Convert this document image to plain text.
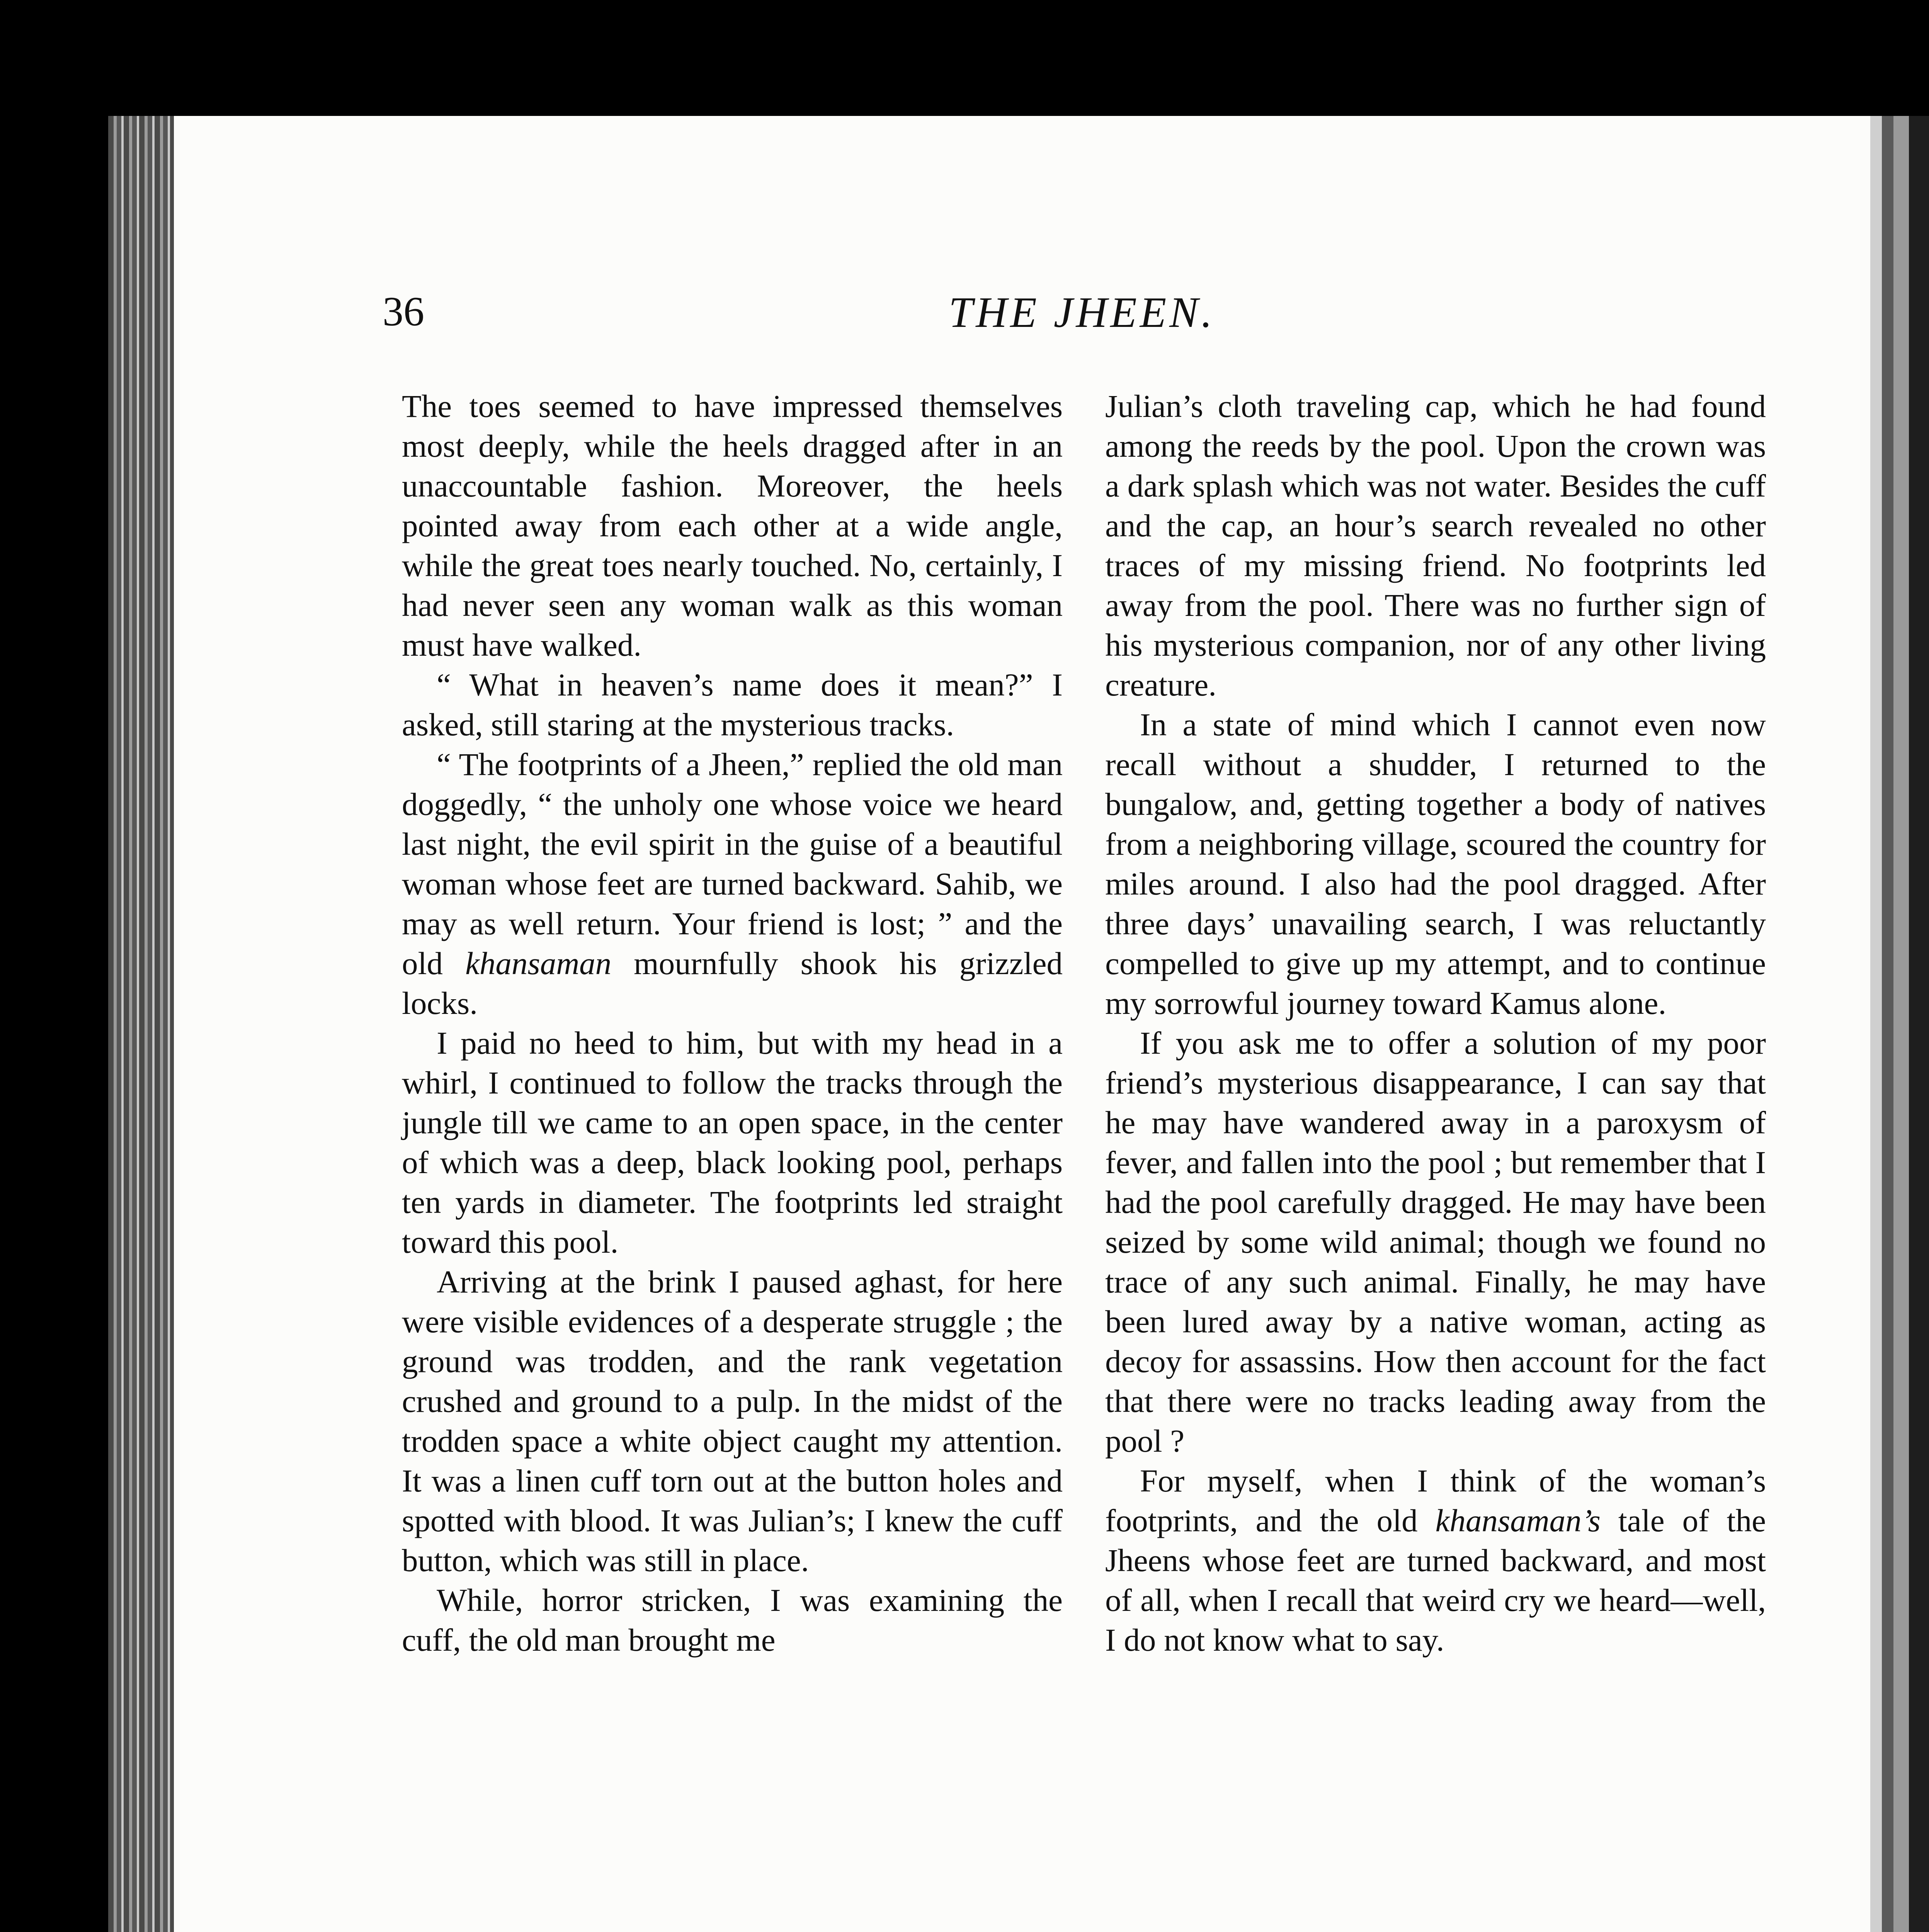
36	THE JHEEN.

The toes seemed to have impressed themselves most deeply, while the heels dragged after in an unaccountable fashion. Moreover, the heels pointed away from each other at a wide angle, while the great toes nearly touched. No, certainly, I had never seen any woman walk as this woman must have walked.

“ What in heaven’s name does it mean?” I asked, still staring at the mysterious tracks.

“ The footprints of a Jheen,” replied the old man doggedly, “ the unholy one whose voice we heard last night, the evil spirit in the guise of a beautiful woman whose feet are turned backward. Sahib, we may as well return. Your friend is lost; ” and the old khansaman mournfully shook his grizzled locks.

I paid no heed to him, but with my head in a whirl, I continued to follow the tracks through the jungle till we came to an open space, in the center of which was a deep, black looking pool, perhaps ten yards in diameter. The footprints led straight toward this pool.

Arriving at the brink I paused aghast, for here were visible evidences of a desperate struggle ; the ground was trodden, and the rank vegetation crushed and ground to a pulp. In the midst of the trodden space a white object caught my attention. It was a linen cuff torn out at the button holes and spotted with blood. It was Julian’s; I knew the cuff button, which was still in place.

While, horror stricken, I was examining the cuff, the old man brought me

Julian’s cloth traveling cap, which he had found among the reeds by the pool. Upon the crown was a dark splash which was not water. Besides the cuff and the cap, an hour’s search revealed no other traces of my missing friend. No footprints led away from the pool. There was no further sign of his mysterious companion, nor of any other living creature.

In a state of mind which I cannot even now recall without a shudder, I returned to the bungalow, and, getting together a body of natives from a neighboring village, scoured the country for miles around. I also had the pool dragged. After three days’ unavailing search, I was reluctantly compelled to give up my attempt, and to continue my sorrowful journey toward Kamus alone.

If you ask me to offer a solution of my poor friend’s mysterious disappearance, I can say that he may have wandered away in a paroxysm of fever, and fallen into the pool ; but remember that I had the pool carefully dragged. He may have been seized by some wild animal; though we found no trace of any such animal. Finally, he may have been lured away by a native woman, acting as decoy for assassins. How then account for the fact that there were no tracks leading away from the pool ?

For myself, when I think of the woman’s footprints, and the old khansaman’s tale of the Jheens whose feet are turned backward, and most of all, when I recall that weird cry we heard—well, I do not know what to say.
